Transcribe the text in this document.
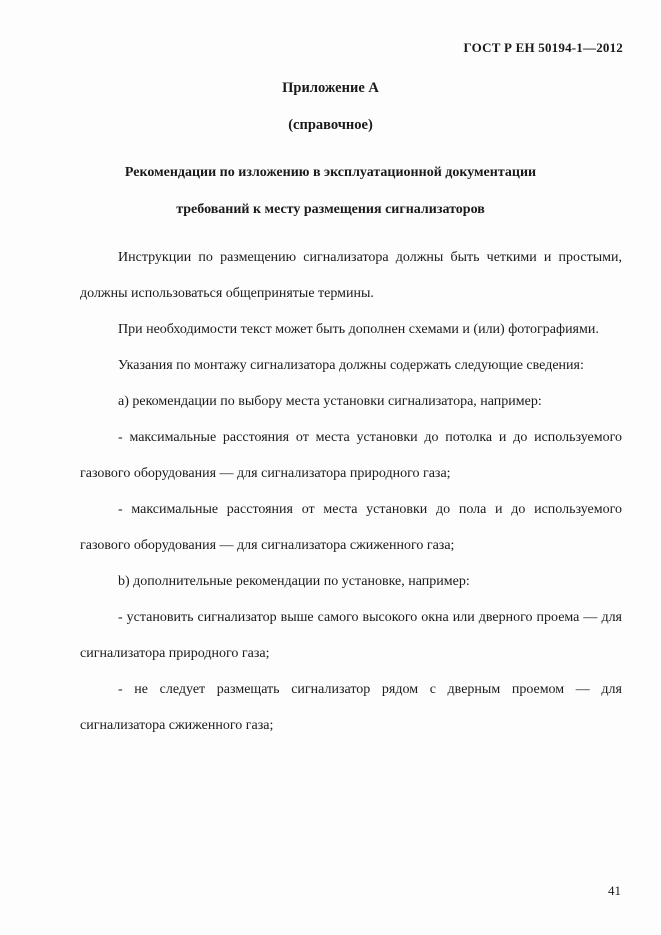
ГОСТ Р ЕН 50194-1—2012
Приложение А
(справочное)
Рекомендации по изложению в эксплуатационной документации
требований к месту размещения сигнализаторов

Инструкции по размещению сигнализатора должны быть четкими и простыми, должны использоваться общепринятые термины.

При необходимости текст может быть дополнен схемами и (или) фотографиями.

Указания по монтажу сигнализатора должны содержать следующие сведения:

а) рекомендации по выбору места установки сигнализатора, например:

- максимальные расстояния от места установки до потолка и до используемого газового оборудования — для сигнализатора природного газа;

- максимальные расстояния от места установки до пола и до используемого газового оборудования — для сигнализатора сжиженного газа;

b) дополнительные рекомендации по установке, например:

- установить сигнализатор выше самого высокого окна или дверного проема — для сигнализатора природного газа;

- не следует размещать сигнализатор рядом с дверным проемом — для сигнализатора сжиженного газа;

41
